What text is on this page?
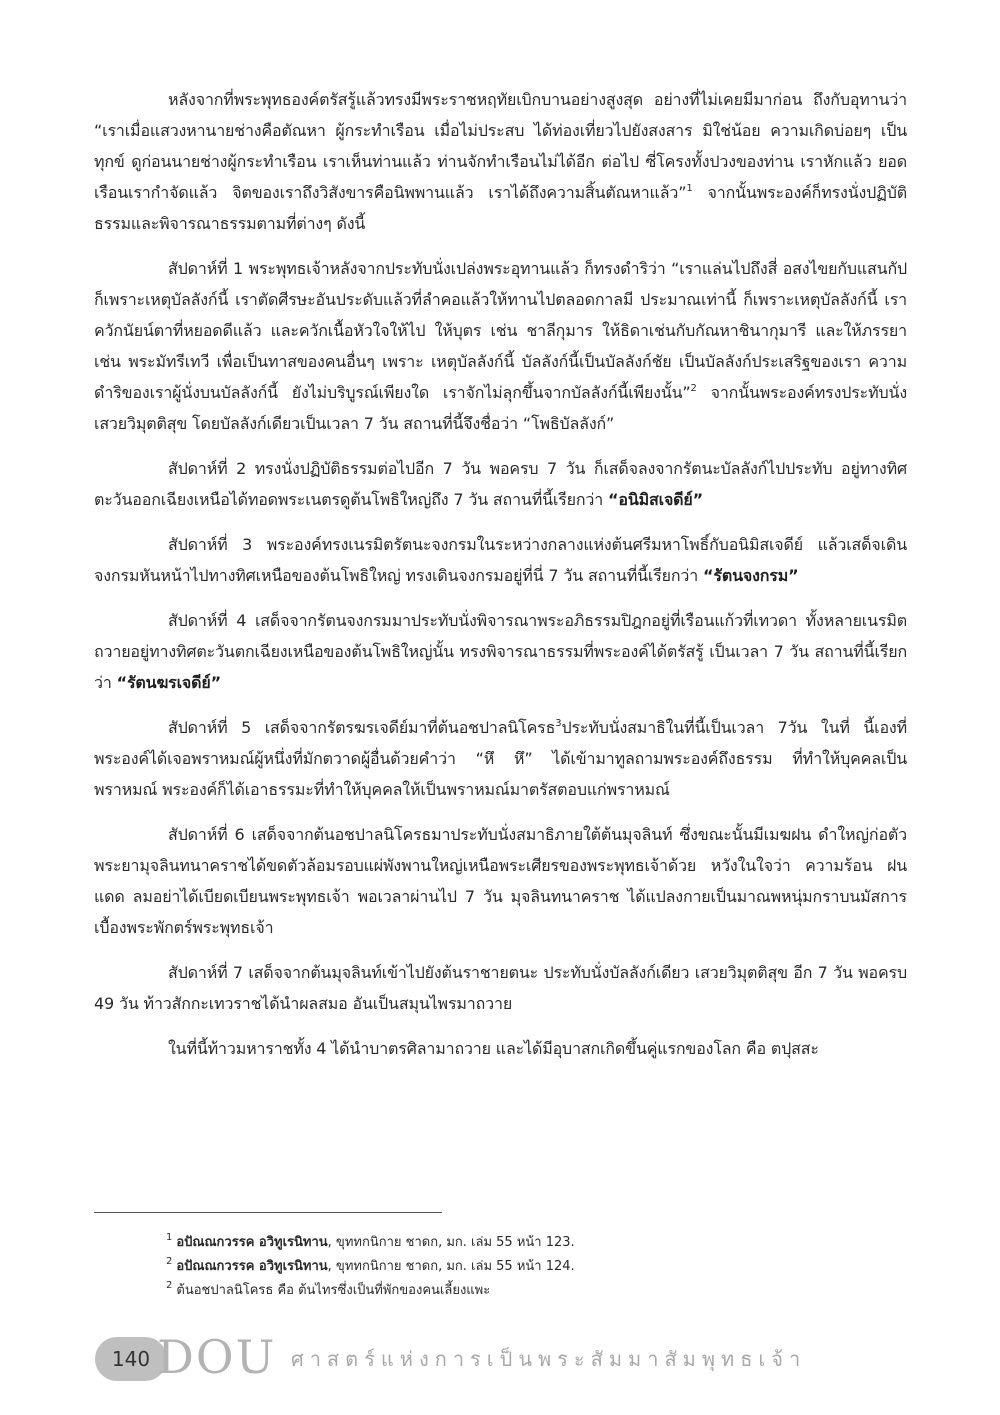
หลังจากที่พระพุทธองค์ตรัสรู้แล้วทรงมีพระราชหฤทัยเบิกบานอย่างสูงสุด อย่างที่ไม่เคยมีมาก่อน ถึงกับอุทานว่า “เราเมื่อแสวงหานายช่างคือตัณหา ผู้กระทำเรือน เมื่อไม่ประสบ ได้ท่องเที่ยวไปยังสงสาร มิใช่น้อย ความเกิดบ่อยๆ เป็นทุกข์ ดูก่อนนายช่างผู้กระทำเรือน เราเห็นท่านแล้ว ท่านจักทำเรือนไม่ได้อีก ต่อไป ซี่โครงทั้งปวงของท่าน เราหักแล้ว ยอดเรือนเรากำจัดแล้ว จิตของเราถึงวิสังขารคือนิพพานแล้ว เราได้ถึงความสิ้นตัณหาแล้ว”$^1$ จากนั้นพระองค์ก็ทรงนั่งปฏิบัติธรรมและพิจารณาธรรมตามที่ต่างๆ ดังนี้

สัปดาห์ที่ 1 พระพุทธเจ้าหลังจากประทับนั่งเปล่งพระอุทานแล้ว ก็ทรงดำริว่า “เราแล่นไปถึงสี่ อสงไขยกับแสนกัป ก็เพราะเหตุบัลลังก์นี้ เราตัดศีรษะอันประดับแล้วที่ลำคอแล้วให้ทานไปตลอดกาลมี ประมาณเท่านี้ ก็เพราะเหตุบัลลังก์นี้ เราควักนัยน์ตาที่หยอดดีแล้ว และควักเนื้อหัวใจให้ไป ให้บุตร เช่น ชาลีกุมาร ให้ธิดาเช่นกับกัณหาชินากุมารี และให้ภรรยา เช่น พระมัทรีเทวี เพื่อเป็นทาสของคนอื่นๆ เพราะ เหตุบัลลังก์นี้ บัลลังก์นี้เป็นบัลลังก์ชัย เป็นบัลลังก์ประเสริฐของเรา ความดำริของเราผู้นั่งบนบัลลังก์นี้ ยังไม่บริบูรณ์เพียงใด เราจักไม่ลุกขึ้นจากบัลลังก์นี้เพียงนั้น”$^2$ จากนั้นพระองค์ทรงประทับนั่งเสวยวิมุตติสุข โดยบัลลังก์เดียวเป็นเวลา 7 วัน สถานที่นี้จึงชื่อว่า “โพธิบัลลังก์”

สัปดาห์ที่ 2 ทรงนั่งปฏิบัติธรรมต่อไปอีก 7 วัน พอครบ 7 วัน ก็เสด็จลงจากรัตนะบัลลังก์ไปประทับ อยู่ทางทิศตะวันออกเฉียงเหนือได้ทอดพระเนตรดูต้นโพธิใหญ่ถึง 7 วัน สถานที่นี้เรียกว่า “อนิมิสเจดีย์”

สัปดาห์ที่ 3 พระองค์ทรงเนรมิตรัตนะจงกรมในระหว่างกลางแห่งต้นศรีมหาโพธิ์กับอนิมิสเจดีย์ แล้วเสด็จเดินจงกรมหันหน้าไปทางทิศเหนือของต้นโพธิใหญ่ ทรงเดินจงกรมอยู่ที่นี่ 7 วัน สถานที่นี้เรียกว่า “รัตนจงกรม”

สัปดาห์ที่ 4 เสด็จจากรัตนจงกรมมาประทับนั่งพิจารณาพระอภิธรรมปิฎกอยู่ที่เรือนแก้วที่เทวดา ทั้งหลายเนรมิตถวายอยู่ทางทิศตะวันตกเฉียงเหนือของต้นโพธิใหญ่นั้น ทรงพิจารณาธรรมที่พระองค์ได้ตรัสรู้ เป็นเวลา 7 วัน สถานที่นี้เรียกว่า “รัตนฆรเจดีย์”

สัปดาห์ที่ 5 เสด็จจากรัตรฆรเจดีย์มาที่ต้นอชปาลนิโครธ$^3$ประทับนั่งสมาธิในที่นี้เป็นเวลา 7วัน ในที่ นี้เองที่พระองค์ได้เจอพราหมณ์ผู้หนึ่งที่มักตวาดผู้อื่นด้วยคำว่า “หึ หึ” ได้เข้ามาทูลถามพระองค์ถึงธรรม ที่ทำให้บุคคลเป็นพราหมณ์ พระองค์ก็ได้เอาธรรมะที่ทำให้บุคคลให้เป็นพราหมณ์มาตรัสตอบแก่พราหมณ์

สัปดาห์ที่ 6 เสด็จจากต้นอชปาลนิโครธมาประทับนั่งสมาธิภายใต้ต้นมุจลินท์ ซึ่งขณะนั้นมีเมฆฝน ดำใหญ่ก่อตัว พระยามุจลินทนาคราชได้ขดตัวล้อมรอบแผ่พังพานใหญ่เหนือพระเศียรของพระพุทธเจ้าด้วย หวังในใจว่า ความร้อน ฝน แดด ลมอย่าได้เบียดเบียนพระพุทธเจ้า พอเวลาผ่านไป 7 วัน มุจลินทนาคราช ได้แปลงกายเป็นมาณพหนุ่มกราบนมัสการเบื้องพระพักตร์พระพุทธเจ้า

สัปดาห์ที่ 7 เสด็จจากต้นมุจลินท์เข้าไปยังต้นราชายตนะ ประทับนั่งบัลลังก์เดียว เสวยวิมุตติสุข อีก 7 วัน พอครบ 49 วัน ท้าวสักกะเทวราชได้นำผลสมอ อันเป็นสมุนไพรมาถวาย

ในที่นี้ท้าวมหาราชทั้ง 4 ได้นำบาตรศิลามาถวาย และได้มีอุบาสกเกิดขึ้นคู่แรกของโลก คือ ตปุสสะ

$^1$ อปัณณกวรรค อวิทูเรนิทาน, ขุททกนิกาย ชาดก, มก. เล่ม 55 หน้า 123.

$^2$ อปัณณกวรรค อวิทูเรนิทาน, ขุททกนิกาย ชาดก, มก. เล่ม 55 หน้า 124.

$^2$ ต้นอชปาลนิโครธ คือ ต้นไทรซึ่งเป็นที่พักของคนเลี้ยงแพะ

140 DOU ศาสตร์แห่งการเป็นพระสัมมาสัมพุทธเจ้า
